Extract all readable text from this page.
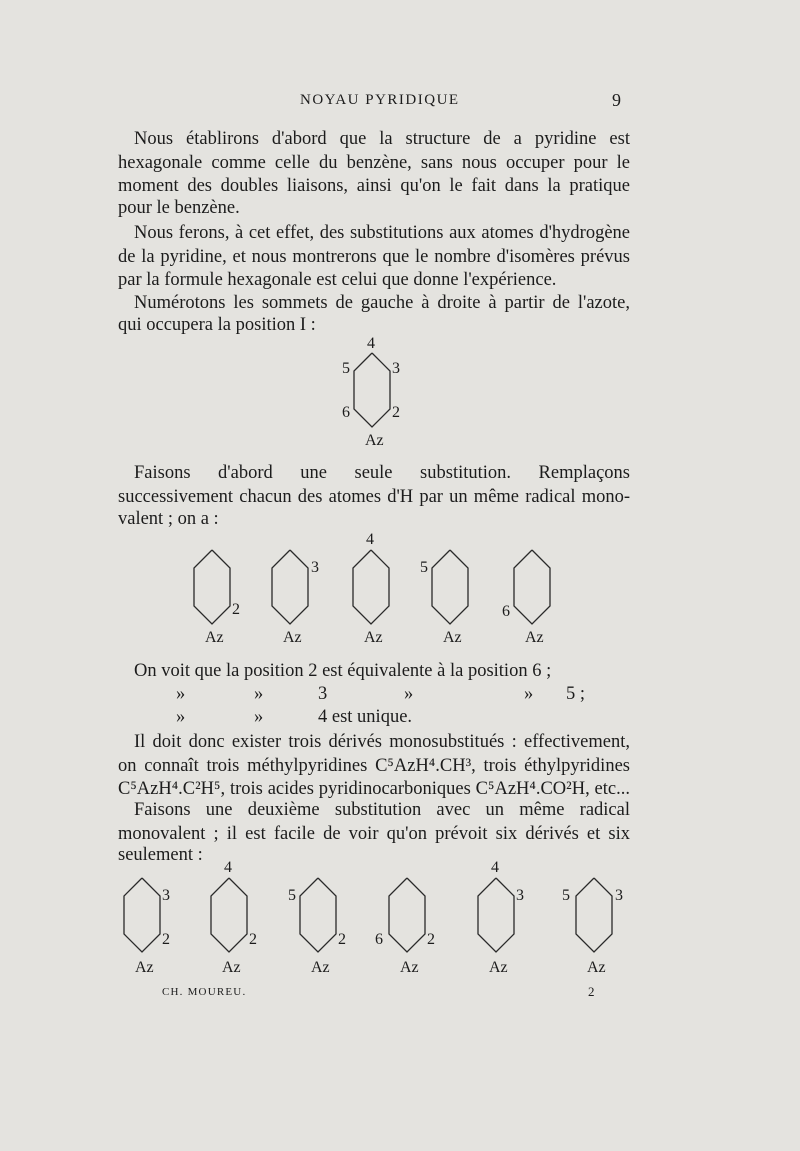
NOYAU PYRIDIQUE	9

Nous établirons d'abord que la structure de a pyridine est hexagonale comme celle du benzène, sans nous occuper pour le moment des doubles liaisons, ainsi qu'on le fait dans la pratique

pour le benzène.

Nous ferons, à cet effet, des substitutions aux atomes d'hydrogène de la pyridine, et nous montrerons que le nombre d'isomères prévus par la formule hexagonale est celui que donne l'expérience.

Numérotons les sommets de gauche à droite à partir de l'azote,

qui occupera la position I :
4
5	3
6	2
Az

Faisons d'abord une seule substitution. Remplaçons successivement chacun des atomes d'H par un même radical mono-

valent ; on a :
2
Az
3
Az
4
Az
5
Az
6
Az
On voit que la position 2 est équivalente à la position 6 ;
»	»	3	»	» 5 ;
»	»	4 est unique.

Il doit donc exister trois dérivés monosubstitués : effectivement, on connaît trois méthylpyridines C⁵AzH⁴.CH³, trois éthylpyridines C⁵AzH⁴.C²H⁵, trois acides pyridinocarboniques C⁵AzH⁴.CO²H, etc...

Faisons une deuxième substitution avec un même radical monovalent ; il est facile de voir qu'on prévoit six dérivés et six

seulement :
3
2
Az
4
2
Az
5
2
Az
6	2
Az
4
3
Az
5	3
Az
CH. MOUREU.	2
